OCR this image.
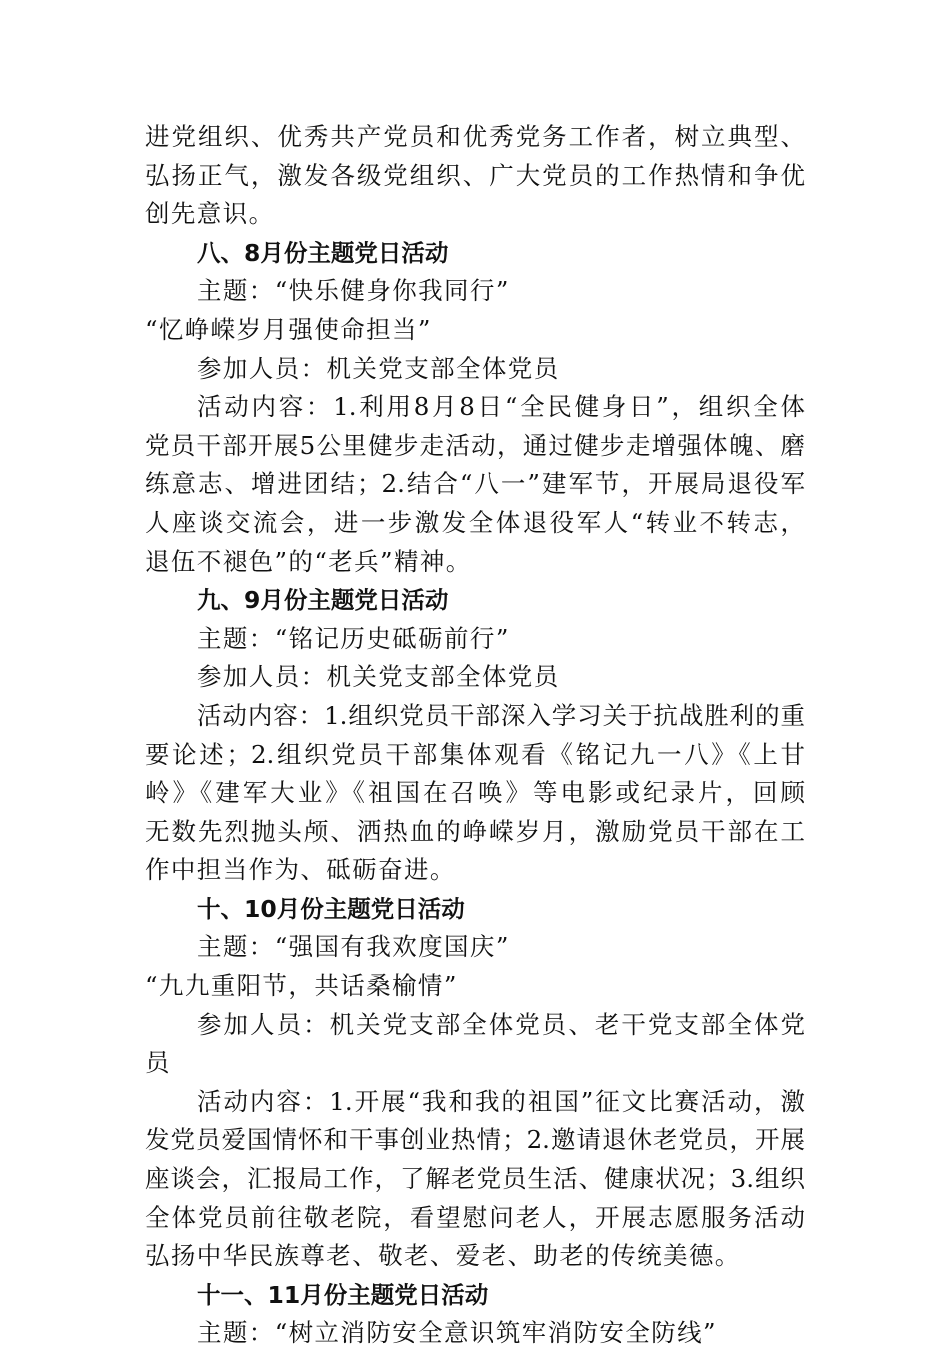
进党组织、优秀共产党员和优秀党务工作者，树立典型、
弘扬正气，激发各级党组织、广大党员的工作热情和争优
创先意识。
八、8月份主题党日活动
主题：“快乐健身你我同行”
“忆峥嵘岁月强使命担当”
参加人员：机关党支部全体党员
活动内容：1.利用8月8日“全民健身日”，组织全体
党员干部开展5公里健步走活动，通过健步走增强体魄、磨
练意志、增进团结；2.结合“八一”建军节，开展局退役军
人座谈交流会，进一步激发全体退役军人“转业不转志，
退伍不褪色”的“老兵”精神。
九、9月份主题党日活动
主题：“铭记历史砥砺前行”
参加人员：机关党支部全体党员
活动内容：1.组织党员干部深入学习关于抗战胜利的重
要论述；2.组织党员干部集体观看《铭记九一八》《上甘
岭》《建军大业》《祖国在召唤》等电影或纪录片，回顾
无数先烈抛头颅、洒热血的峥嵘岁月，激励党员干部在工
作中担当作为、砥砺奋进。
十、10月份主题党日活动
主题：“强国有我欢度国庆”
“九九重阳节，共话桑榆情”
参加人员：机关党支部全体党员、老干党支部全体党
员
活动内容：1.开展“我和我的祖国”征文比赛活动，激
发党员爱国情怀和干事创业热情；2.邀请退休老党员，开展
座谈会，汇报局工作，了解老党员生活、健康状况；3.组织
全体党员前往敬老院，看望慰问老人，开展志愿服务活动
弘扬中华民族尊老、敬老、爱老、助老的传统美德。
十一、11月份主题党日活动
主题：“树立消防安全意识筑牢消防安全防线”
